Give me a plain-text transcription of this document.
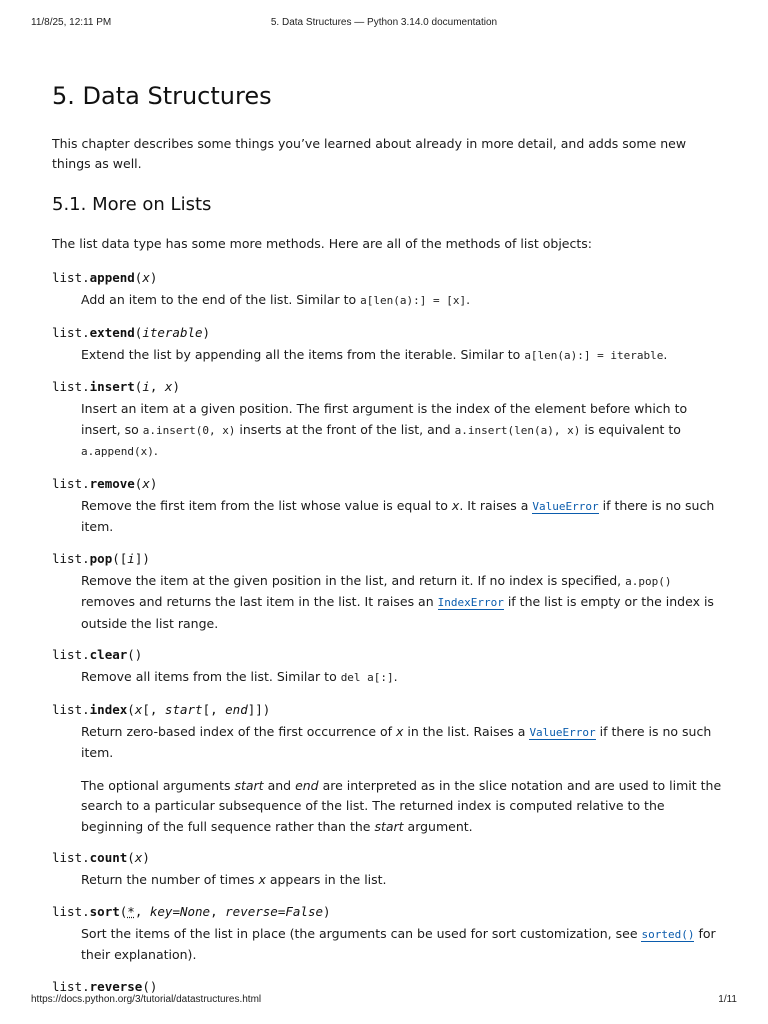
11/8/25, 12:11 PM	5. Data Structures — Python 3.14.0 documentation
5. Data Structures

This chapter describes some things you’ve learned about already in more detail, and adds some new things as well.

5.1. More on Lists

The list data type has some more methods. Here are all of the methods of list objects:

list.append(x)
Add an item to the end of the list. Similar to a[len(a):] = [x].
list.extend(iterable)
Extend the list by appending all the items from the iterable. Similar to a[len(a):] = iterable.
list.insert(i, x)
Insert an item at a given position. The first argument is the index of the element before which to insert, so a.insert(0, x) inserts at the front of the list, and a.insert(len(a), x) is equivalent to a.append(x).
list.remove(x)
Remove the first item from the list whose value is equal to x. It raises a ValueError if there is no such item.
list.pop([i])
Remove the item at the given position in the list, and return it. If no index is specified, a.pop() removes and returns the last item in the list. It raises an IndexError if the list is empty or the index is outside the list range.
list.clear()
Remove all items from the list. Similar to del a[:].
list.index(x[, start[, end]])

Return zero-based index of the first occurrence of x in the list. Raises a ValueError if there is no such item.

The optional arguments start and end are interpreted as in the slice notation and are used to limit the search to a particular subsequence of the list. The returned index is computed relative to the beginning of the full sequence rather than the start argument.

list.count(x)
Return the number of times x appears in the list.
list.sort(*, key=None, reverse=False)
Sort the items of the list in place (the arguments can be used for sort customization, see sorted() for their explanation).
list.reverse()
https://docs.python.org/3/tutorial/datastructures.html	1/11
